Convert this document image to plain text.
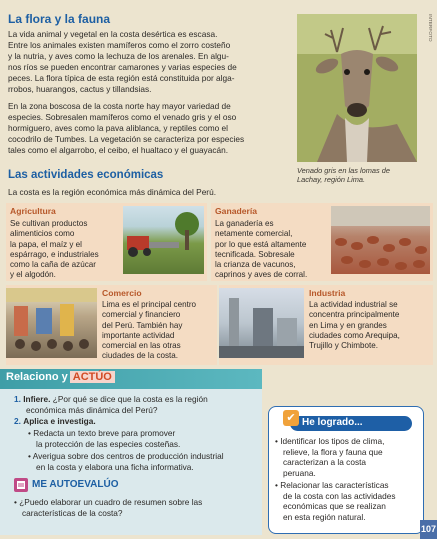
La flora y la fauna
La vida animal y vegetal en la costa desértica es escasa.
Entre los animales existen mamíferos como el zorro costeño
y la nutria, y aves como la lechuza de los arenales. En algu-
nos ríos se pueden encontrar camarones y varias especies de
peces. La flora típica de esta región está constituida por alga-
rrobos, huarangos, cactus y tillandsias.
En la zona boscosa de la costa norte hay mayor variedad de
especies. Sobresalen mamíferos como el venado gris y el oso
hormiguero, aves como la pava aliblanca, y reptiles como el
cocodrilo de Tumbes. La vegetación se caracteriza por especies
tales como el algarrobo, el ceibo, el hualtaco y el guayacán.
INTERFOTO
Venado gris en las lomas de
Lachay, región Lima.
Las actividades económicas
La costa es la región económica más dinámica del Perú.
Agricultura
Se cultivan productos
alimenticios como
la papa, el maíz y el
espárrago, e industriales
como la caña de azúcar
y el algodón.
Ganadería
La ganadería es
netamente comercial,
por lo que está altamente
tecnificada. Sobresale
la crianza de vacunos,
caprinos y aves de corral.
Comercio
Lima es el principal centro
comercial y financiero
del Perú. También hay
importante actividad
comercial en las otras
ciudades de la costa.
Industria
La actividad industrial se
concentra principalmente
en Lima y en grandes
ciudades como Arequipa,
Trujillo y Chimbote.
Relaciono y ACTÚO
1. Infiere. ¿Por qué se dice que la costa es la región
económica más dinámica del Perú?
2. Aplica e investiga.
• Redacta un texto breve para promover
la protección de las especies costeñas.
• Averigua sobre dos centros de producción industrial
en la costa y elabora una ficha informativa.
ME AUTOEVALÚO
• ¿Puedo elaborar un cuadro de resumen sobre las
características de la costa?
✔ He logrado...
• Identificar los tipos de clima,
relieve, la flora y fauna que
caracterizan a la costa
peruana.
• Relacionar las características
de la costa con las actividades
económicas que se realizan
en esta región natural.
107
